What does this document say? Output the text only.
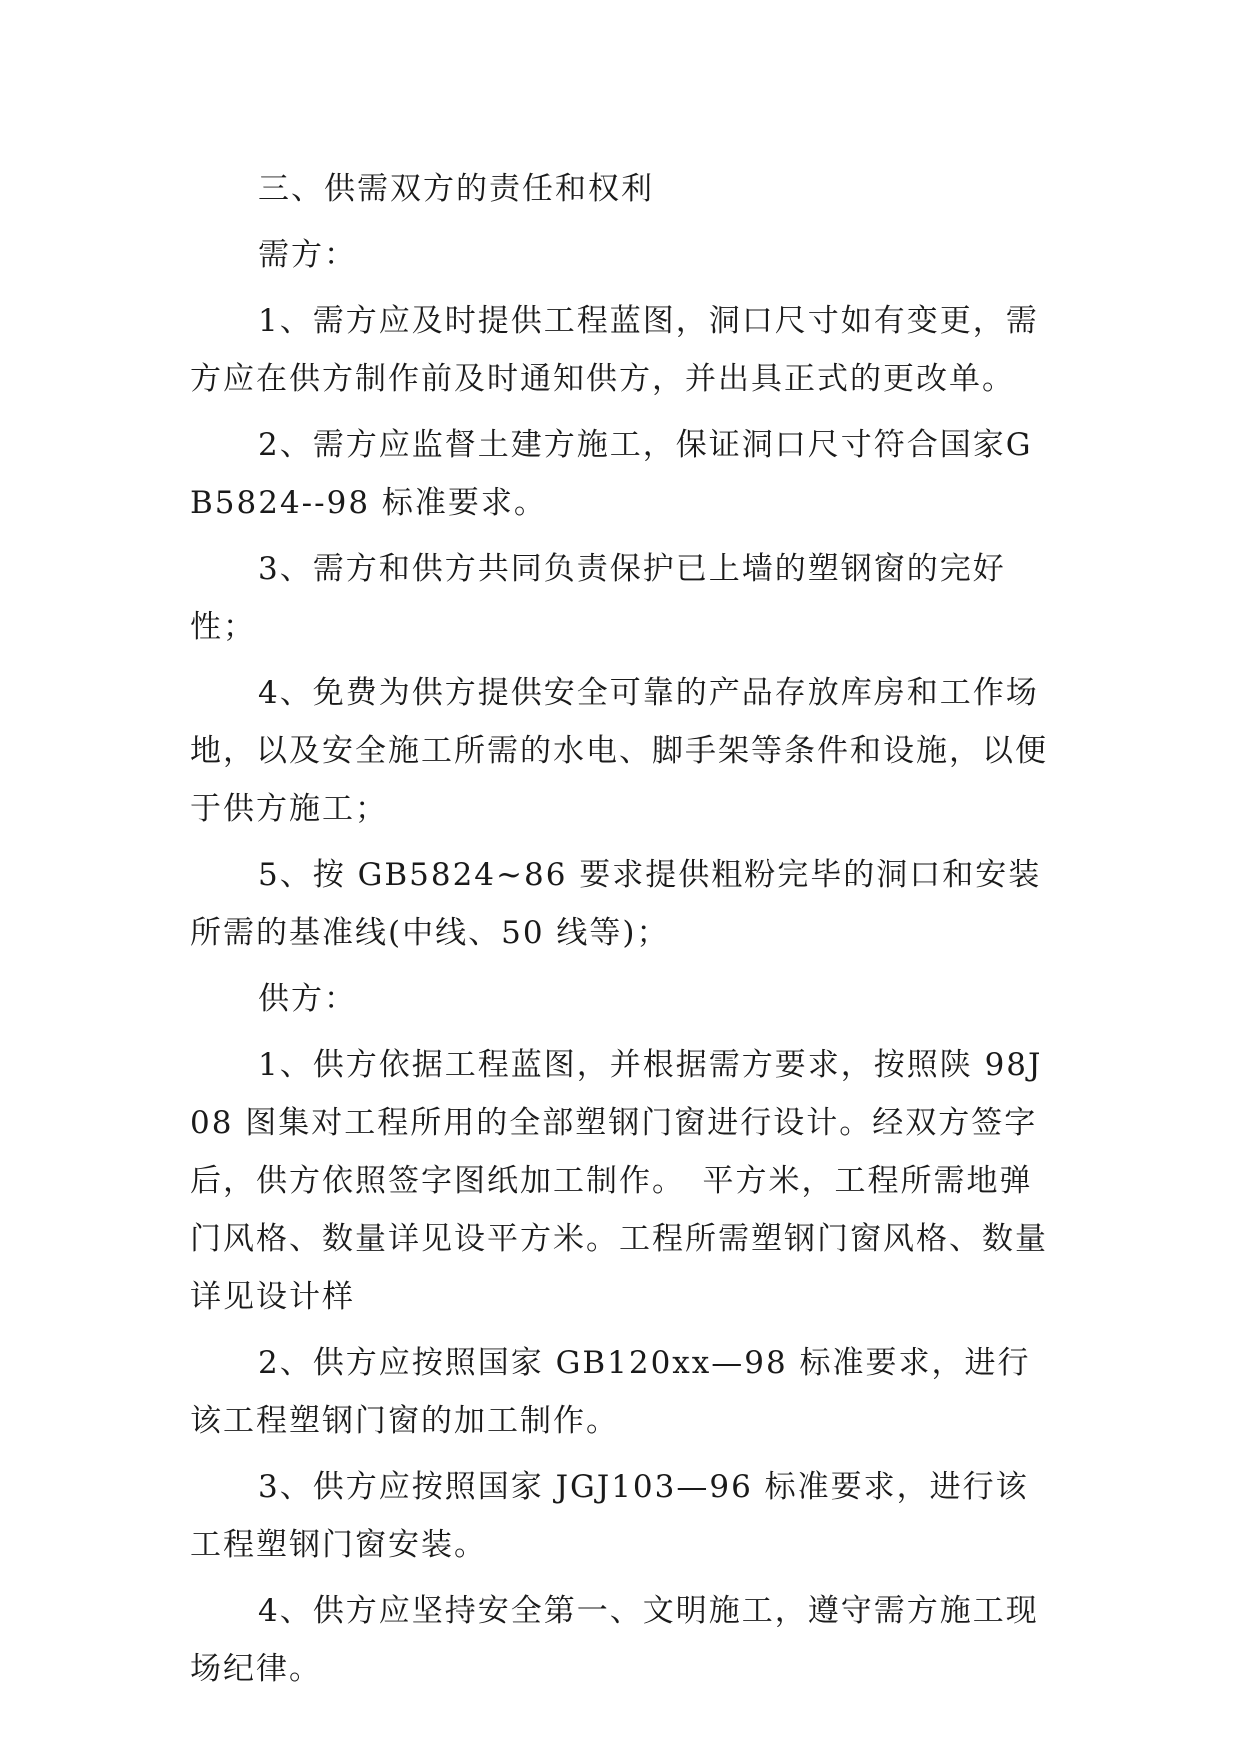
三、供需双方的责任和权利

需方：

1、需方应及时提供工程蓝图，洞口尺寸如有变更，需方应在供方制作前及时通知供方，并出具正式的更改单。

2、需方应监督土建方施工，保证洞口尺寸符合国家GB5824--98 标准要求。

3、需方和供方共同负责保护已上墙的塑钢窗的完好性；

4、免费为供方提供安全可靠的产品存放库房和工作场地，以及安全施工所需的水电、脚手架等条件和设施，以便于供方施工；

5、按 GB5824~86 要求提供粗粉完毕的洞口和安装所需的基准线(中线、50 线等)；

供方：

1、供方依据工程蓝图，并根据需方要求，按照陕 98J08 图集对工程所用的全部塑钢门窗进行设计。经双方签字后，供方依照签字图纸加工制作。　平方米，工程所需地弹门风格、数量详见设平方米。工程所需塑钢门窗风格、数量详见设计样

2、供方应按照国家 GB120xx—98 标准要求，进行该工程塑钢门窗的加工制作。

3、供方应按照国家 JGJ103—96 标准要求，进行该工程塑钢门窗安装。

4、供方应坚持安全第一、文明施工，遵守需方施工现场纪律。
